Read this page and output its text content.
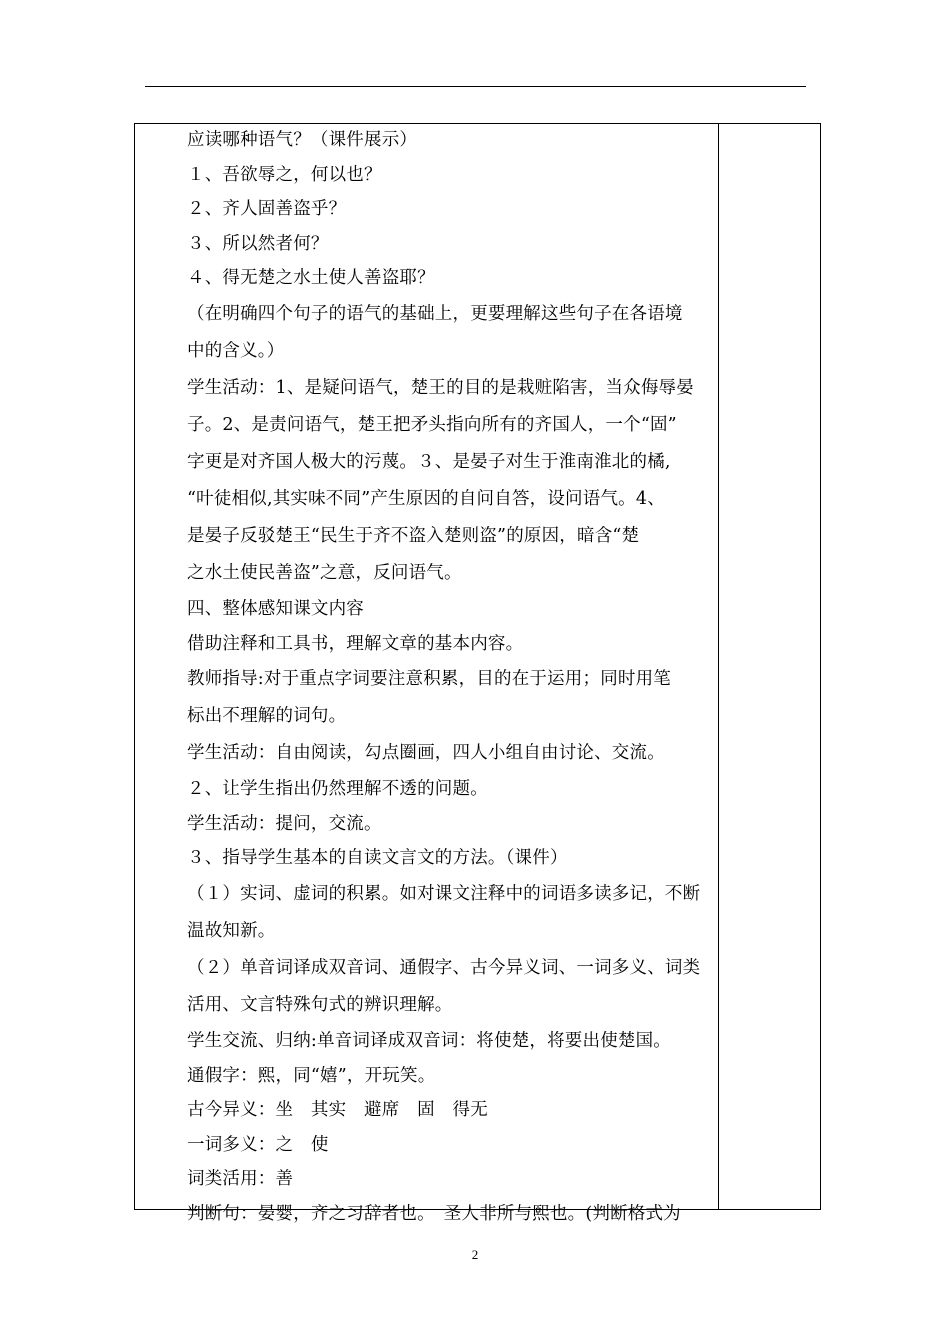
应读哪种语气？（课件展示）
１、吾欲辱之，何以也？
２、齐人固善盗乎？
３、所以然者何？
４、得无楚之水土使人善盗耶？
（在明确四个句子的语气的基础上，更要理解这些句子在各语境
中的含义。）
学生活动：1、是疑问语气，楚王的目的是栽赃陷害，当众侮辱晏
子。2、是责问语气，楚王把矛头指向所有的齐国人，一个“固”
字更是对齐国人极大的污蔑。３、是晏子对生于淮南淮北的橘,
“叶徒相似,其实味不同”产生原因的自问自答，设问语气。4、
是晏子反驳楚王“民生于齐不盗入楚则盗”的原因，暗含“楚
之水土使民善盗”之意，反问语气。
四、整体感知课文内容
借助注释和工具书，理解文章的基本内容。
教师指导:对于重点字词要注意积累，目的在于运用；同时用笔
标出不理解的词句。
学生活动：自由阅读，勾点圈画，四人小组自由讨论、交流。
２、让学生指出仍然理解不透的问题。
学生活动：提问，交流。
３、指导学生基本的自读文言文的方法。（课件）
（１）实词、虚词的积累。如对课文注释中的词语多读多记，不断
温故知新。
（２）单音词译成双音词、通假字、古今异义词、一词多义、词类
活用、文言特殊句式的辨识理解。
学生交流、归纳:单音词译成双音词：将使楚，将要出使楚国。
通假字：熙，同“嬉”，开玩笑。
古今异义：坐　其实　避席　固　得无
一词多义：之　使
词类活用：善
判断句：晏婴，齐之习辞者也。　圣人非所与熙也。(判断格式为
2
